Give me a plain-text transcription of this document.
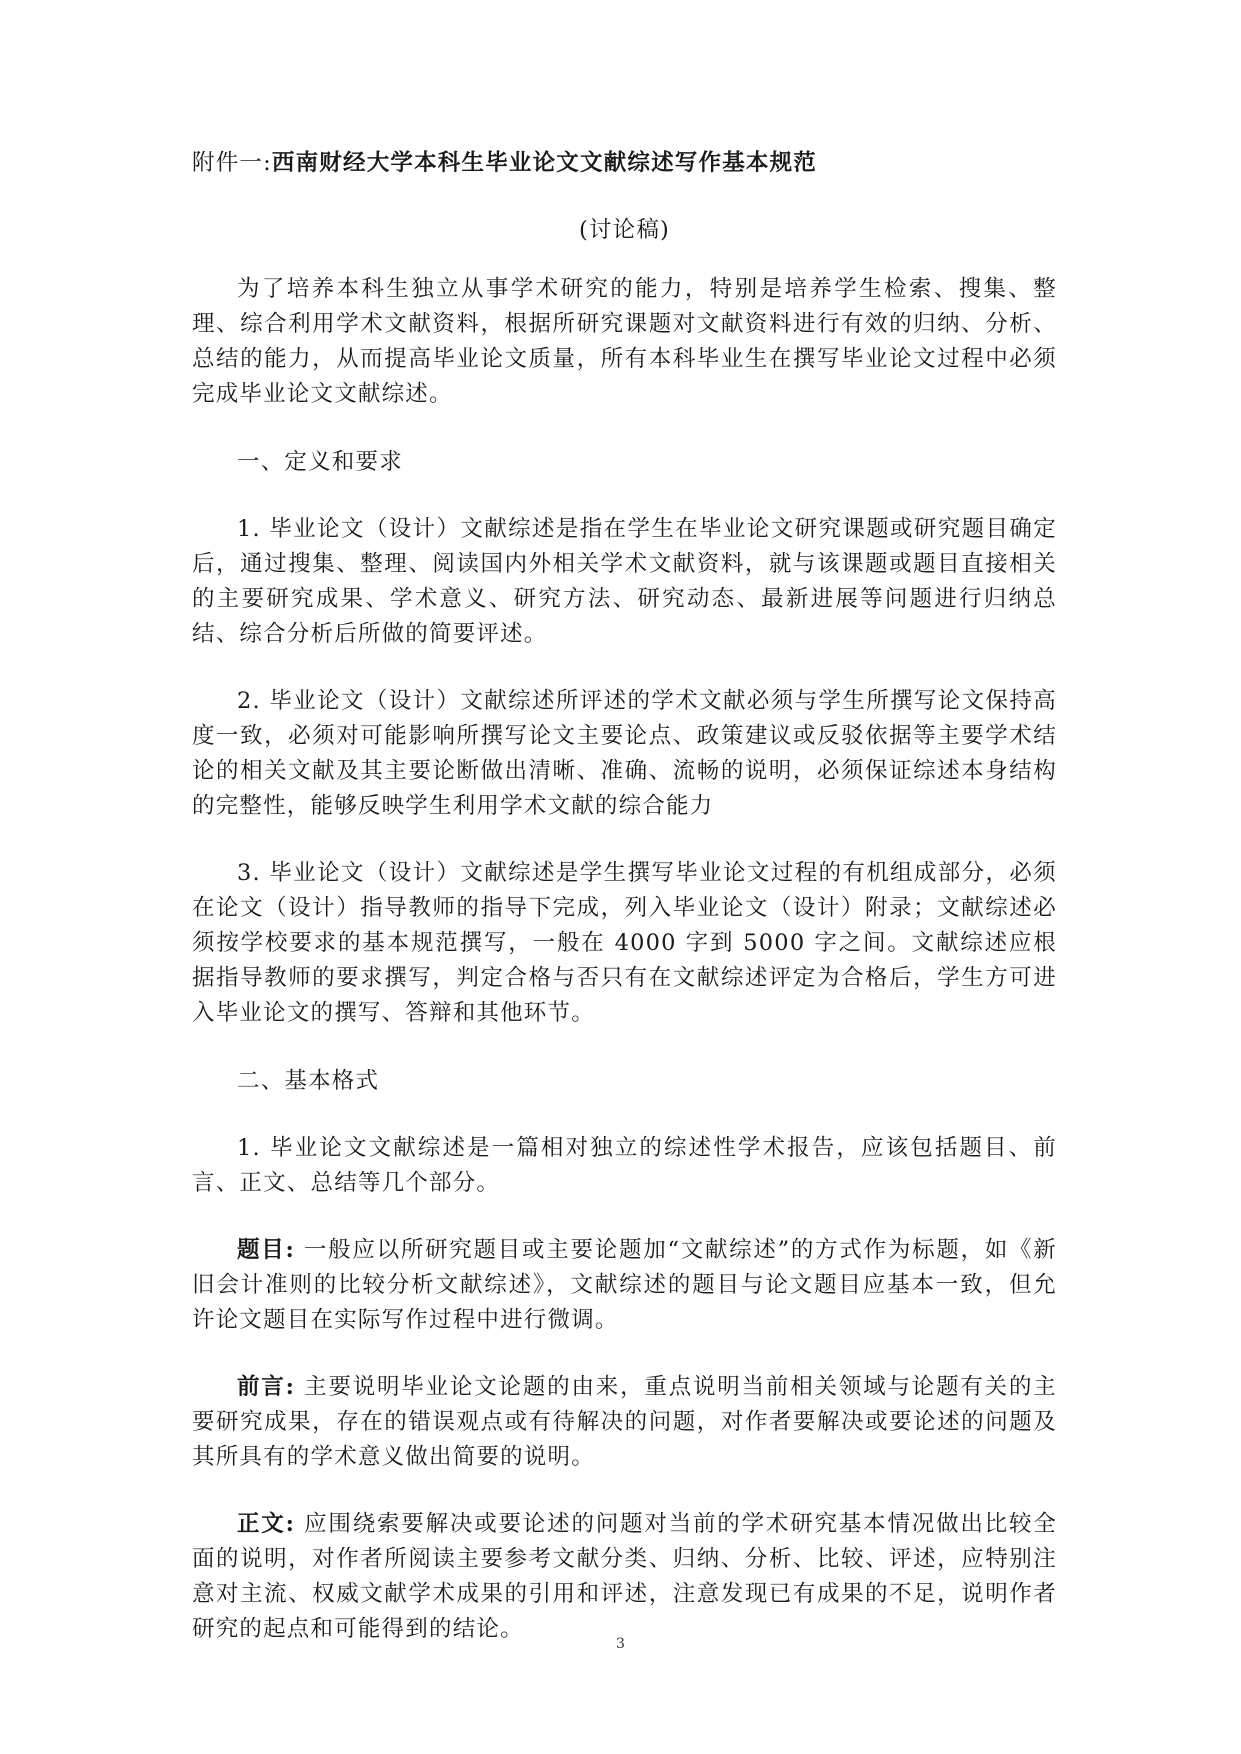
附件一:西南财经大学本科生毕业论文文献综述写作基本规范

(讨论稿)

为了培养本科生独立从事学术研究的能力，特别是培养学生检索、搜集、整理、综合利用学术文献资料，根据所研究课题对文献资料进行有效的归纳、分析、总结的能力，从而提高毕业论文质量，所有本科毕业生在撰写毕业论文过程中必须完成毕业论文文献综述。

一、定义和要求

1. 毕业论文（设计）文献综述是指在学生在毕业论文研究课题或研究题目确定后，通过搜集、整理、阅读国内外相关学术文献资料，就与该课题或题目直接相关的主要研究成果、学术意义、研究方法、研究动态、最新进展等问题进行归纳总结、综合分析后所做的简要评述。

2. 毕业论文（设计）文献综述所评述的学术文献必须与学生所撰写论文保持高度一致，必须对可能影响所撰写论文主要论点、政策建议或反驳依据等主要学术结论的相关文献及其主要论断做出清晰、准确、流畅的说明，必须保证综述本身结构的完整性，能够反映学生利用学术文献的综合能力

3. 毕业论文（设计）文献综述是学生撰写毕业论文过程的有机组成部分，必须在论文（设计）指导教师的指导下完成，列入毕业论文（设计）附录；文献综述必须按学校要求的基本规范撰写，一般在 4000 字到 5000 字之间。文献综述应根据指导教师的要求撰写，判定合格与否只有在文献综述评定为合格后，学生方可进入毕业论文的撰写、答辩和其他环节。

二、基本格式

1. 毕业论文文献综述是一篇相对独立的综述性学术报告，应该包括题目、前言、正文、总结等几个部分。

题目: 一般应以所研究题目或主要论题加“文献综述”的方式作为标题，如《新旧会计准则的比较分析文献综述》，文献综述的题目与论文题目应基本一致，但允许论文题目在实际写作过程中进行微调。

前言: 主要说明毕业论文论题的由来，重点说明当前相关领域与论题有关的主要研究成果，存在的错误观点或有待解决的问题，对作者要解决或要论述的问题及其所具有的学术意义做出简要的说明。

正文: 应围绕索要解决或要论述的问题对当前的学术研究基本情况做出比较全面的说明，对作者所阅读主要参考文献分类、归纳、分析、比较、评述，应特别注意对主流、权威文献学术成果的引用和评述，注意发现已有成果的不足，说明作者研究的起点和可能得到的结论。

3
